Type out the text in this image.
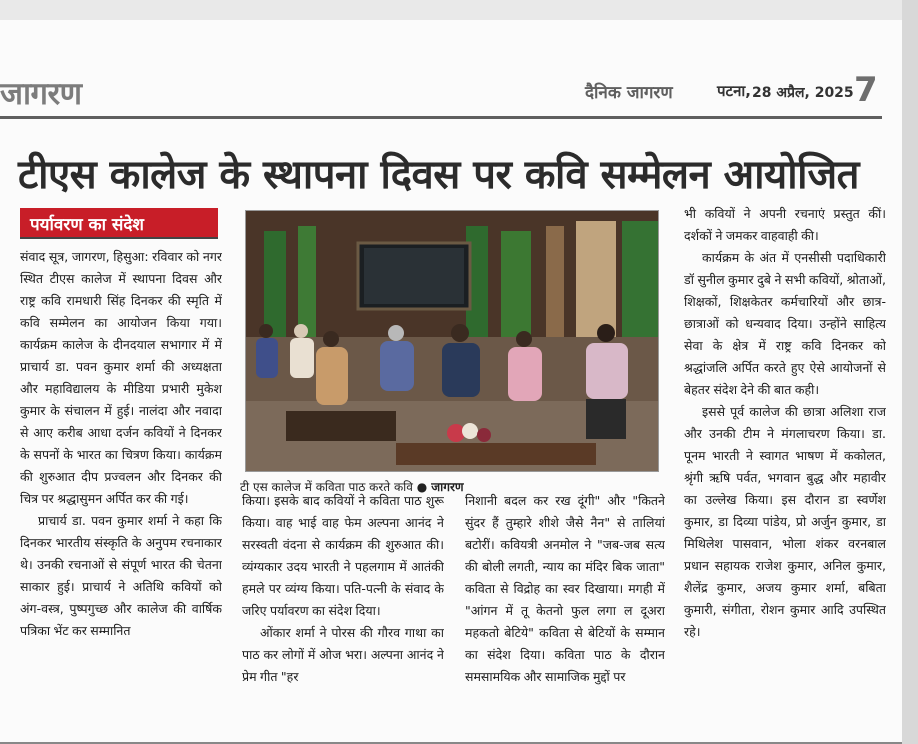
जागरण	दैनिक जागरण	पटना, 28 अप्रैल, 2025 7
टीएस कालेज के स्थापना दिवस पर कवि सम्मेलन आयोजित
पर्यावरण का संदेश

संवाद सूत्र, जागरण, हिसुआ: रविवार को नगर स्थित टीएस कालेज में स्थापना दिवस और राष्ट्र कवि रामधारी सिंह दिनकर की स्मृति में कवि सम्मेलन का आयोजन किया गया। कार्यक्रम कालेज के दीनदयाल सभागार में में प्राचार्य डा. पवन कुमार शर्मा की अध्यक्षता और महाविद्यालय के मीडिया प्रभारी मुकेश कुमार के संचालन में हुई। नालंदा और नवादा से आए करीब आधा दर्जन कवियों ने दिनकर के सपनों के भारत का चित्रण किया। कार्यक्रम की शुरुआत दीप प्रज्वलन और दिनकर की चित्र पर श्रद्धासुमन अर्पित कर की गई।

प्राचार्य डा. पवन कुमार शर्मा ने कहा कि दिनकर भारतीय संस्कृति के अनुपम रचनाकार थे। उनकी रचनाओं से संपूर्ण भारत की चेतना साकार हुई। प्राचार्य ने अतिथि कवियों को अंग-वस्त्र, पुष्पगुच्छ और कालेज की वार्षिक पत्रिका भेंट कर सम्मानित

टी एस कालेज में कविता पाठ करते कवि ● जागरण

किया। इसके बाद कवियों ने कविता पाठ शुरू किया। वाह भाई वाह फेम अल्पना आनंद ने सरस्वती वंदना से कार्यक्रम की शुरुआत की। व्यंग्यकार उदय भारती ने पहलगाम में आतंकी हमले पर व्यंग्य किया। पति-पत्नी के संवाद के जरिए पर्यावरण का संदेश दिया।

ओंकार शर्मा ने पोरस की गौरव गाथा का पाठ कर लोगों में ओज भरा। अल्पना आनंद ने प्रेम गीत "हर

निशानी बदल कर रख दूंगी" और "कितने सुंदर हैं तुम्हारे शीशे जैसे नैन" से तालियां बटोरीं। कवियत्री अनमोल ने "जब-जब सत्य की बोली लगती, न्याय का मंदिर बिक जाता" कविता से विद्रोह का स्वर दिखाया। मगही में "आंगन में तू केतनो फुल लगा ल दूअरा महकतो बेटिये" कविता से बेटियों के सम्मान का संदेश दिया। कविता पाठ के दौरान समसामयिक और सामाजिक मुद्दों पर

भी कवियों ने अपनी रचनाएं प्रस्तुत कीं। दर्शकों ने जमकर वाहवाही की।

कार्यक्रम के अंत में एनसीसी पदाधिकारी डॉ सुनील कुमार दुबे ने सभी कवियों, श्रोताओं, शिक्षकों, शिक्षकेतर कर्मचारियों और छात्र-छात्राओं को धन्यवाद दिया। उन्होंने साहित्य सेवा के क्षेत्र में राष्ट्र कवि दिनकर को श्रद्धांजलि अर्पित करते हुए ऐसे आयोजनों से बेहतर संदेश देने की बात कही।

इससे पूर्व कालेज की छात्रा अलिशा राज और उनकी टीम ने मंगलाचरण किया। डा. पूनम भारती ने स्वागत भाषण में ककोलत, श्रृंगी ऋषि पर्वत, भगवान बुद्ध और महावीर का उल्लेख किया। इस दौरान डा स्वर्णेश कुमार, डा दिव्या पांडेय, प्रो अर्जुन कुमार, डा मिथिलेश पासवान, भोला शंकर वरनबाल प्रधान सहायक राजेश कुमार, अनिल कुमार, शैलेंद्र कुमार, अजय कुमार शर्मा, बबिता कुमारी, संगीता, रोशन कुमार आदि उपस्थित रहे।
